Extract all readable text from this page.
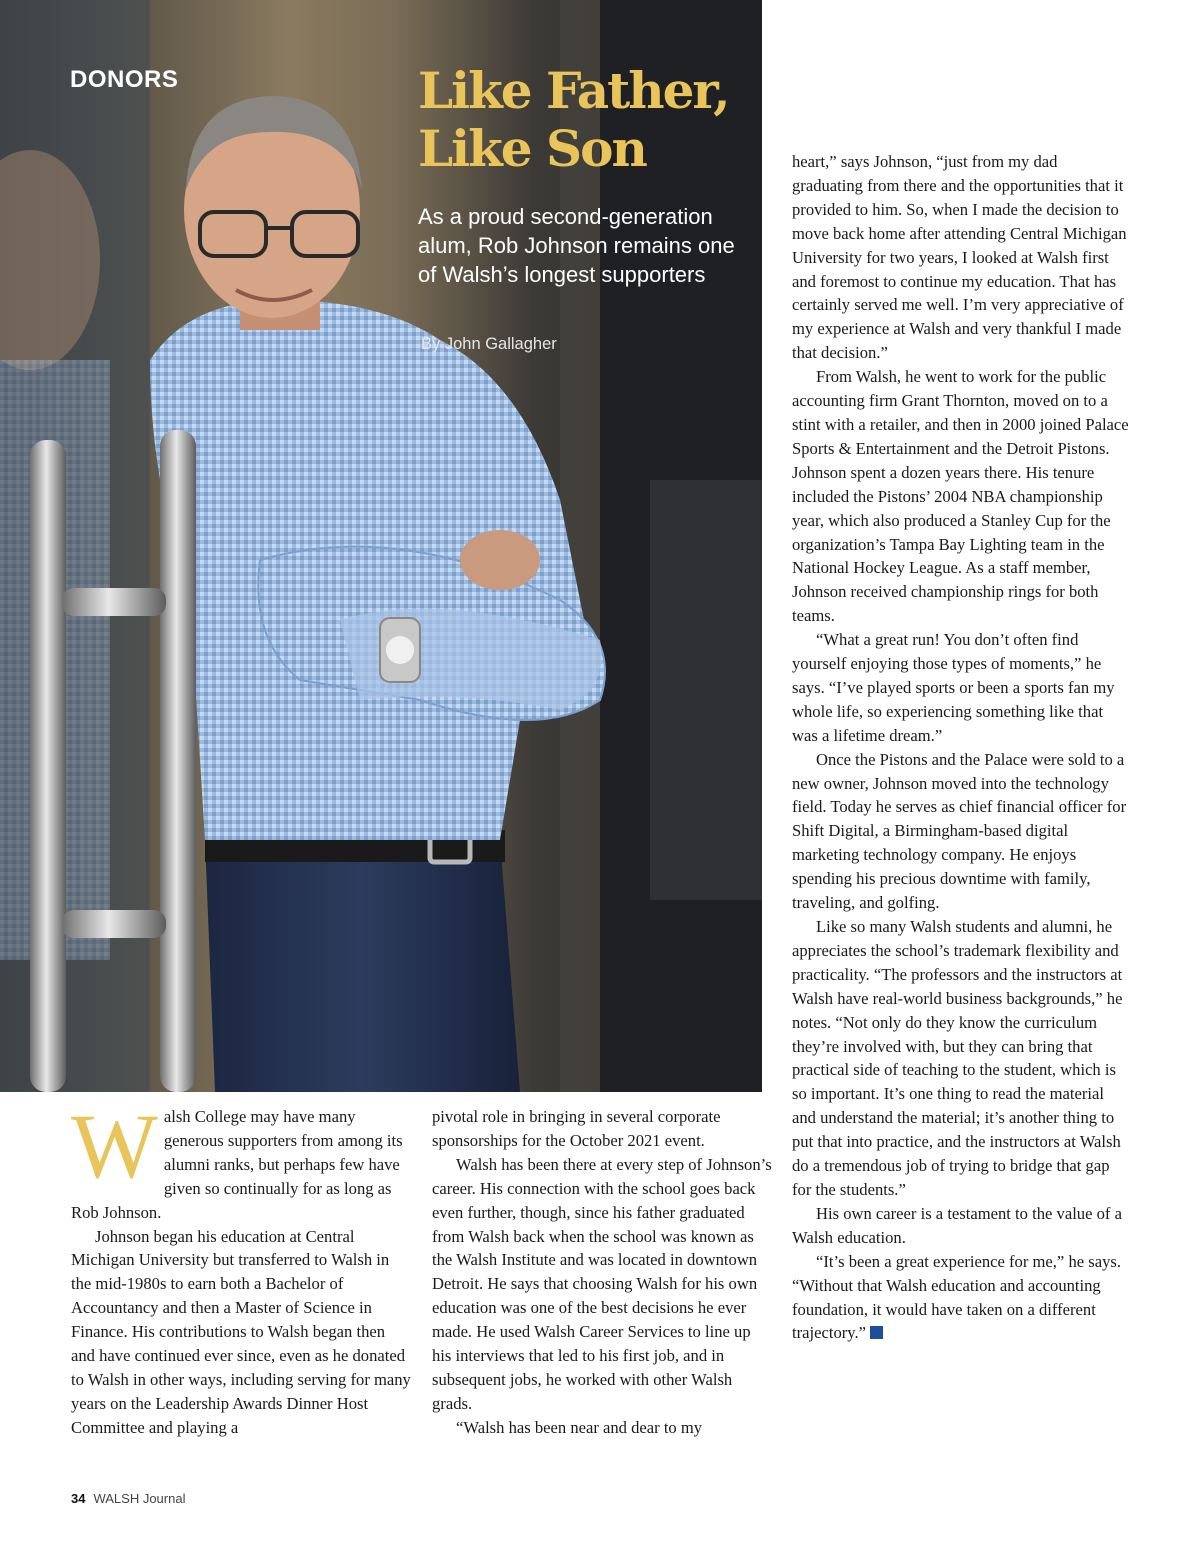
DONORS	Like Father,
Like Son

As a proud second-generation alum, Rob Johnson remains one of Walsh’s longest supporters

By John Gallagher

Walsh College may have many generous supporters from among its alumni ranks, but perhaps few have given so continually for as long as Rob Johnson.

Johnson began his education at Central Michigan University but transferred to Walsh in the mid-1980s to earn both a Bachelor of Accountancy and then a Master of Science in Finance. His contributions to Walsh began then and have continued ever since, even as he donated to Walsh in other ways, including serving for many years on the Leadership Awards Dinner Host Committee and playing a

pivotal role in bringing in several corporate sponsorships for the October 2021 event.

Walsh has been there at every step of Johnson’s career. His connection with the school goes back even further, though, since his father graduated from Walsh back when the school was known as the Walsh Institute and was located in downtown Detroit. He says that choosing Walsh for his own education was one of the best decisions he ever made. He used Walsh Career Services to line up his interviews that led to his first job, and in subsequent jobs, he worked with other Walsh grads.

“Walsh has been near and dear to my

heart,” says Johnson, “just from my dad graduating from there and the opportunities that it provided to him. So, when I made the decision to move back home after attending Central Michigan University for two years, I looked at Walsh first and foremost to continue my education. That has certainly served me well. I’m very appreciative of my experience at Walsh and very thankful I made that decision.”

From Walsh, he went to work for the public accounting firm Grant Thornton, moved on to a stint with a retailer, and then in 2000 joined Palace Sports & Entertainment and the Detroit Pistons. Johnson spent a dozen years there. His tenure included the Pistons’ 2004 NBA championship year, which also produced a Stanley Cup for the organization’s Tampa Bay Lighting team in the National Hockey League. As a staff member, Johnson received championship rings for both teams.

“What a great run! You don’t often find yourself enjoying those types of moments,” he says. “I’ve played sports or been a sports fan my whole life, so experiencing something like that was a lifetime dream.”

Once the Pistons and the Palace were sold to a new owner, Johnson moved into the technology field. Today he serves as chief financial officer for Shift Digital, a Birmingham-based digital marketing technology company. He enjoys spending his precious downtime with family, traveling, and golfing.

Like so many Walsh students and alumni, he appreciates the school’s trademark flexibility and practicality. “The professors and the instructors at Walsh have real-world business backgrounds,” he notes. “Not only do they know the curriculum they’re involved with, but they can bring that practical side of teaching to the student, which is so important. It’s one thing to read the material and understand the material; it’s another thing to put that into practice, and the instructors at Walsh do a tremendous job of trying to bridge that gap for the students.”

His own career is a testament to the value of a Walsh education.

“It’s been a great experience for me,” he says. “Without that Walsh education and accounting foundation, it would have taken on a different trajectory.”

34 WALSH Journal
